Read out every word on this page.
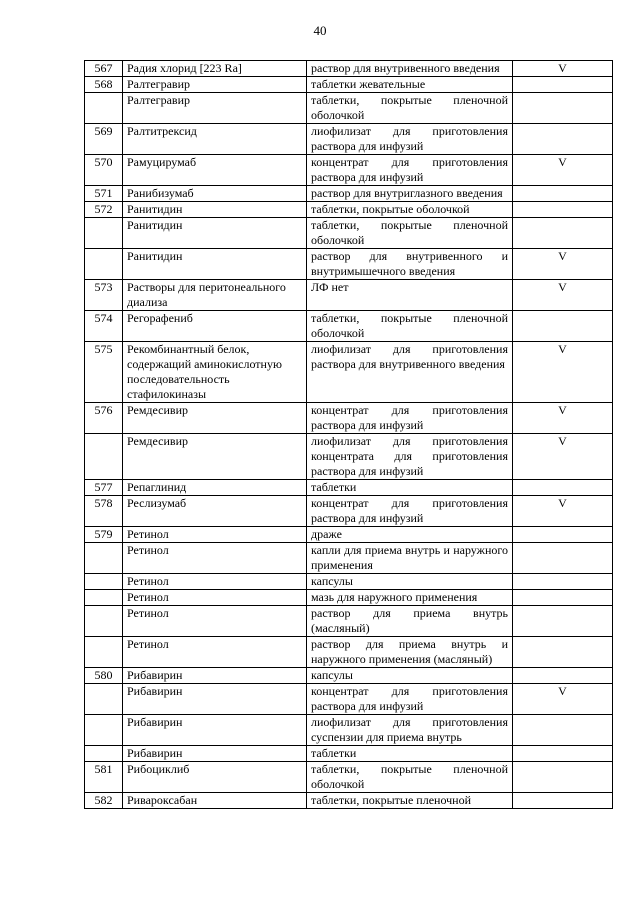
40
567	Радия хлорид [223 Ra]	раствор для внутривенного введения	V
568	Ралтегравир	таблетки жевательные	
	Ралтегравир	таблетки, покрытые пленочной оболочкой	
569	Ралтитрексид	лиофилизат для приготовления раствора для инфузий	
570	Рамуцирумаб	концентрат для приготовления раствора для инфузий	V
571	Ранибизумаб	раствор для внутриглазного введения	
572	Ранитидин	таблетки, покрытые оболочкой	
	Ранитидин	таблетки, покрытые пленочной оболочкой	
	Ранитидин	раствор для внутривенного и внутримышечного введения	V
573	Растворы для перитонеального диализа	ЛФ нет	V
574	Регорафениб	таблетки, покрытые пленочной оболочкой	
575	Рекомбинантный белок, содержащий аминокислотную последовательность стафилокиназы	лиофилизат для приготовления раствора для внутривенного введения	V
576	Ремдесивир	концентрат для приготовления раствора для инфузий	V
	Ремдесивир	лиофилизат для приготовления концентрата для приготовления раствора для инфузий	V
577	Репаглинид	таблетки	
578	Реслизумаб	концентрат для приготовления раствора для инфузий	V
579	Ретинол	драже	
	Ретинол	капли для приема внутрь и наружного применения	
	Ретинол	капсулы	
	Ретинол	мазь для наружного применения	
	Ретинол	раствор для приема внутрь (масляный)	
	Ретинол	раствор для приема внутрь и наружного применения (масляный)	
580	Рибавирин	капсулы	
	Рибавирин	концентрат для приготовления раствора для инфузий	V
	Рибавирин	лиофилизат для приготовления суспензии для приема внутрь	
	Рибавирин	таблетки	
581	Рибоциклиб	таблетки, покрытые пленочной оболочкой	
582	Ривароксабан	таблетки, покрытые пленочной	
